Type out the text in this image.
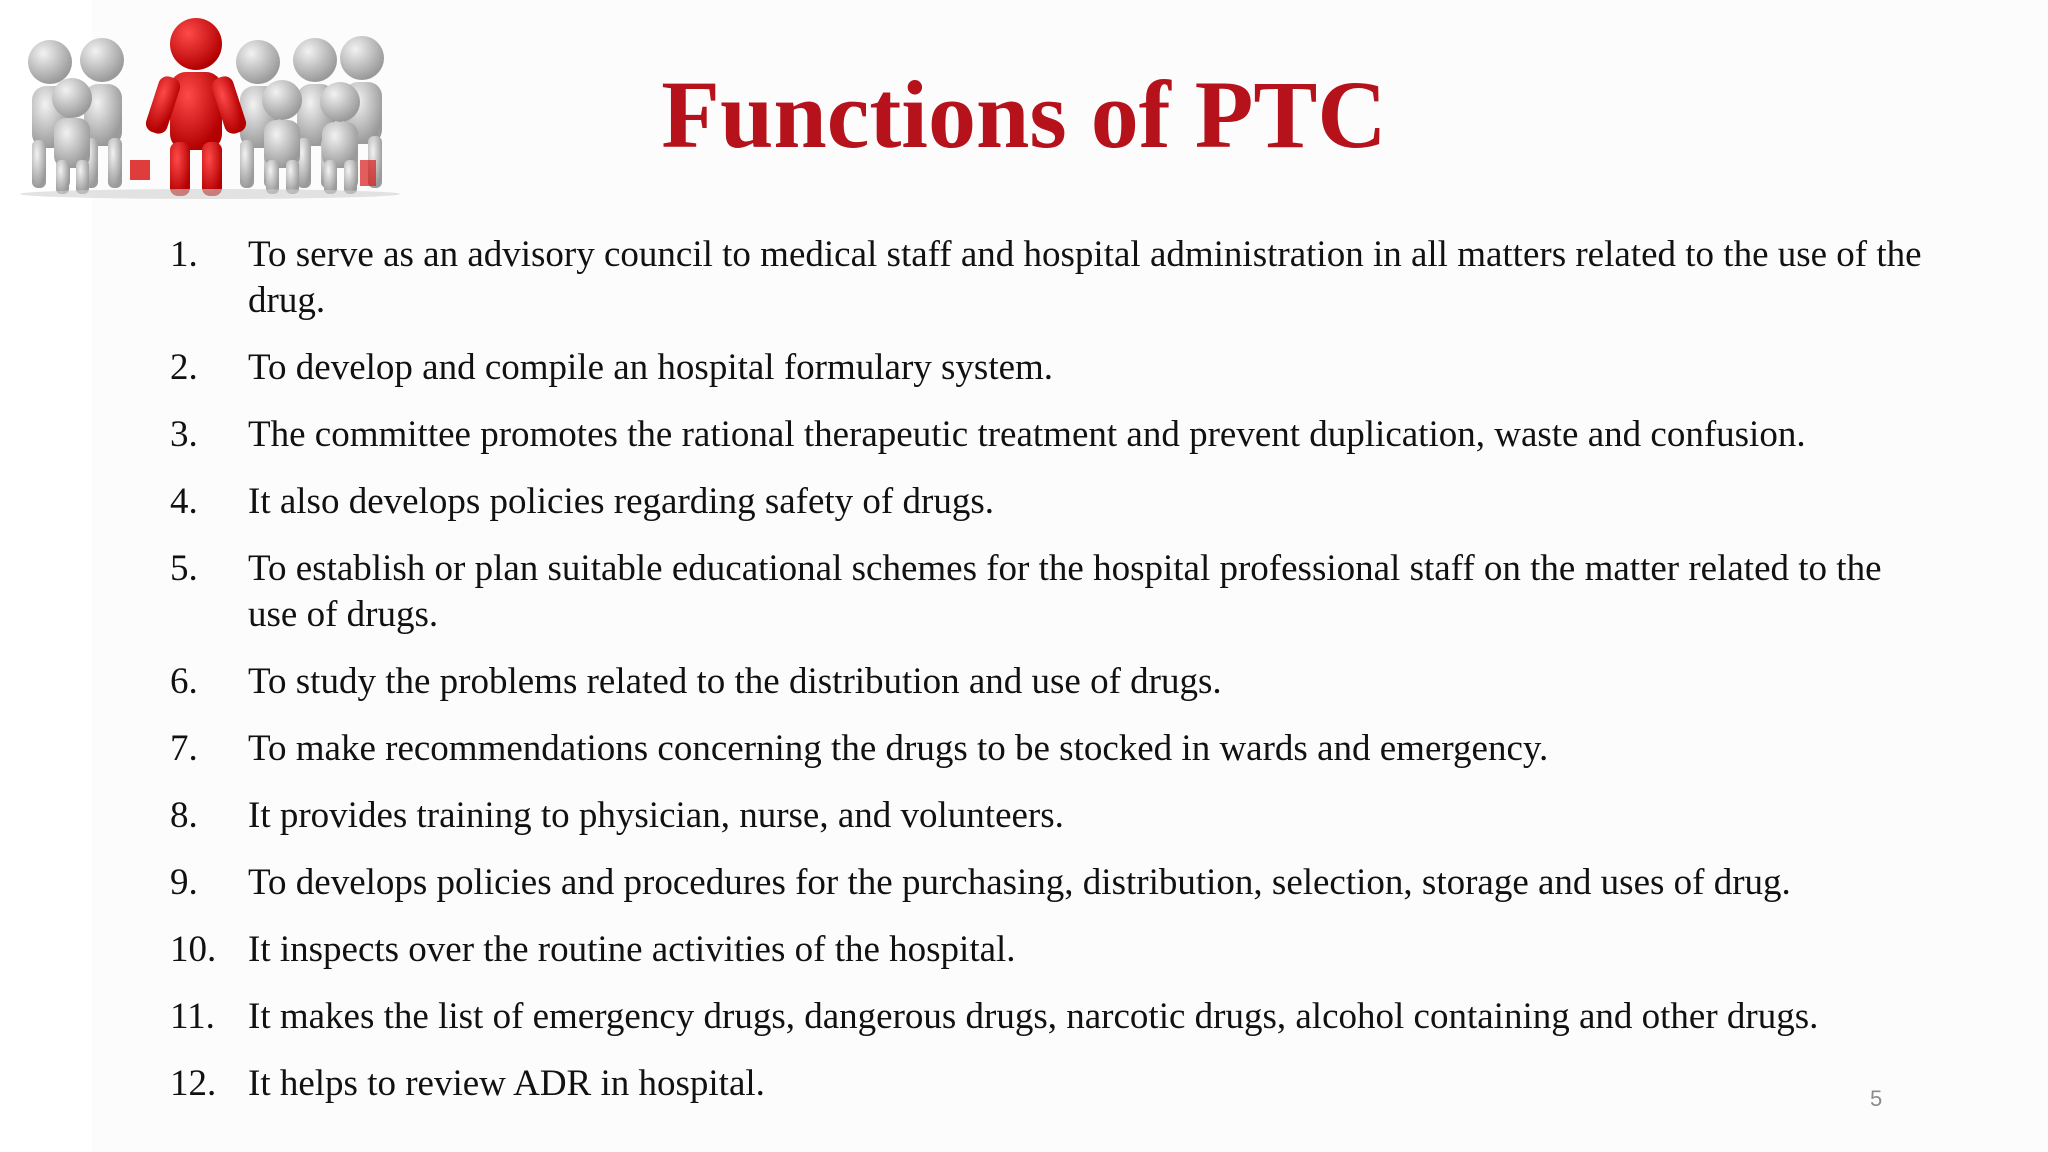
Functions of PTC
1.	To serve as an advisory council to medical staff and hospital administration in all matters related to the use of the drug.
2.	To develop and compile an hospital formulary system.
3.	The committee promotes the rational therapeutic treatment and prevent duplication, waste and confusion.
4.	It also develops policies regarding safety of drugs.
5.	To establish or plan suitable educational schemes for the hospital professional staff on the matter related to the use of drugs.
6.	To study the problems related to the distribution and use of drugs.
7.	To make recommendations concerning the drugs to be stocked in wards and emergency.
8.	It provides training to physician, nurse, and volunteers.
9.	To develops policies and procedures for the purchasing, distribution, selection, storage and uses of drug.
10. It inspects over the routine activities of the hospital.
11. It makes the list of emergency drugs, dangerous drugs, narcotic drugs, alcohol containing and other drugs.
12. It helps to review ADR in hospital.	5
